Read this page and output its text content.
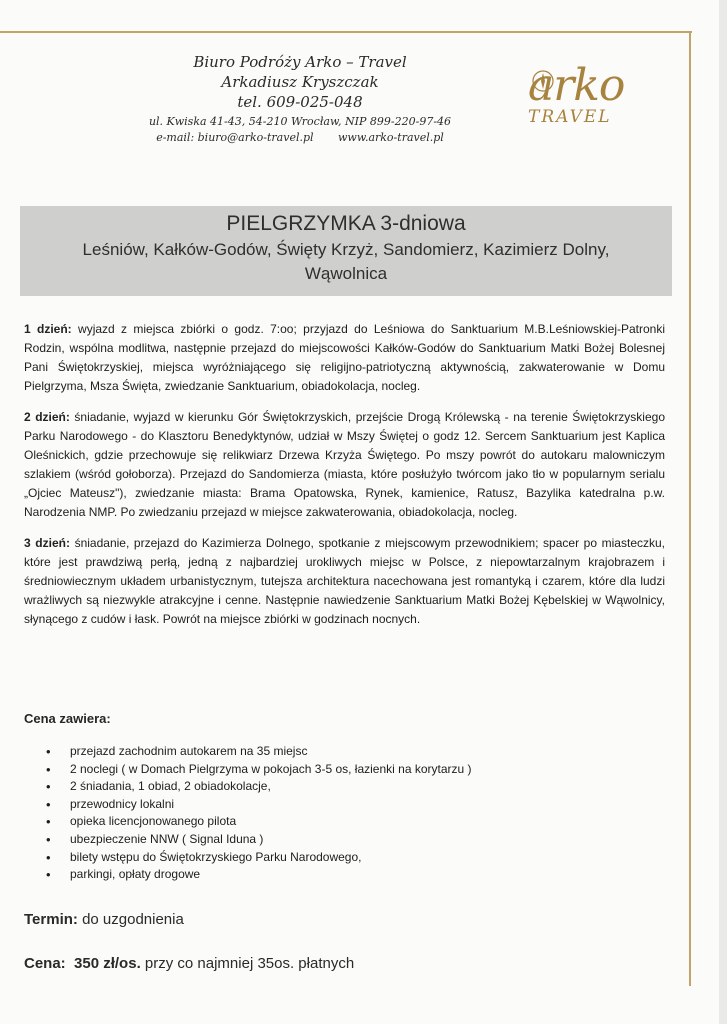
Biuro Podróży Arko – Travel
Arkadiusz Kryszczak
tel. 609-025-048
ul. Kwiska 41-43, 54-210 Wrocław, NIP 899-220-97-46
e-mail: biuro@arko-travel.pl www.arko-travel.pl
arko
TRAVEL
PIELGRZYMKA 3-dniowa
Leśniów, Kałków-Godów, Święty Krzyż, Sandomierz, Kazimierz Dolny,
Wąwolnica

1 dzień: wyjazd z miejsca zbiórki o godz. 7:oo; przyjazd do Leśniowa do Sanktuarium M.B.Leśniowskiej-Patronki Rodzin, wspólna modlitwa, następnie przejazd do miejscowości Kałków-Godów do Sanktuarium Matki Bożej Bolesnej Pani Świętokrzyskiej, miejsca wyróżniającego się religijno-patriotyczną aktywnością, zakwaterowanie w Domu Pielgrzyma, Msza Święta, zwiedzanie Sanktuarium, obiadokolacja, nocleg.

2 dzień: śniadanie, wyjazd w kierunku Gór Świętokrzyskich, przejście Drogą Królewską - na terenie Świętokrzyskiego Parku Narodowego - do Klasztoru Benedyktynów, udział w Mszy Świętej o godz 12. Sercem Sanktuarium jest Kaplica Oleśnickich, gdzie przechowuje się relikwiarz Drzewa Krzyża Świętego. Po mszy powrót do autokaru malowniczym szlakiem (wśród gołoborza). Przejazd do Sandomierza (miasta, które posłużyło twórcom jako tło w popularnym serialu „Ojciec Mateusz"), zwiedzanie miasta: Brama Opatowska, Rynek, kamienice, Ratusz, Bazylika katedralna p.w. Narodzenia NMP. Po zwiedzaniu przejazd w miejsce zakwaterowania, obiadokolacja, nocleg.

3 dzień: śniadanie, przejazd do Kazimierza Dolnego, spotkanie z miejscowym przewodnikiem; spacer po miasteczku, które jest prawdziwą perłą, jedną z najbardziej urokliwych miejsc w Polsce, z niepowtarzalnym krajobrazem i średniowiecznym układem urbanistycznym, tutejsza architektura nacechowana jest romantyką i czarem, które dla ludzi wrażliwych są niezwykle atrakcyjne i cenne. Następnie nawiedzenie Sanktuarium Matki Bożej Kębelskiej w Wąwolnicy, słynącego z cudów i łask. Powrót na miejsce zbiórki w godzinach nocnych.

Cena zawiera:
• przejazd zachodnim autokarem na 35 miejsc
• 2 noclegi ( w Domach Pielgrzyma w pokojach 3-5 os, łazienki na korytarzu )
• 2 śniadania, 1 obiad, 2 obiadokolacje,
• przewodnicy lokalni
• opieka licencjonowanego pilota
• ubezpieczenie NNW ( Signal Iduna )
• bilety wstępu do Świętokrzyskiego Parku Narodowego,
• parkingi, opłaty drogowe
Termin: do uzgodnienia
Cena: 350 zł/os. przy co najmniej 35os. płatnych
